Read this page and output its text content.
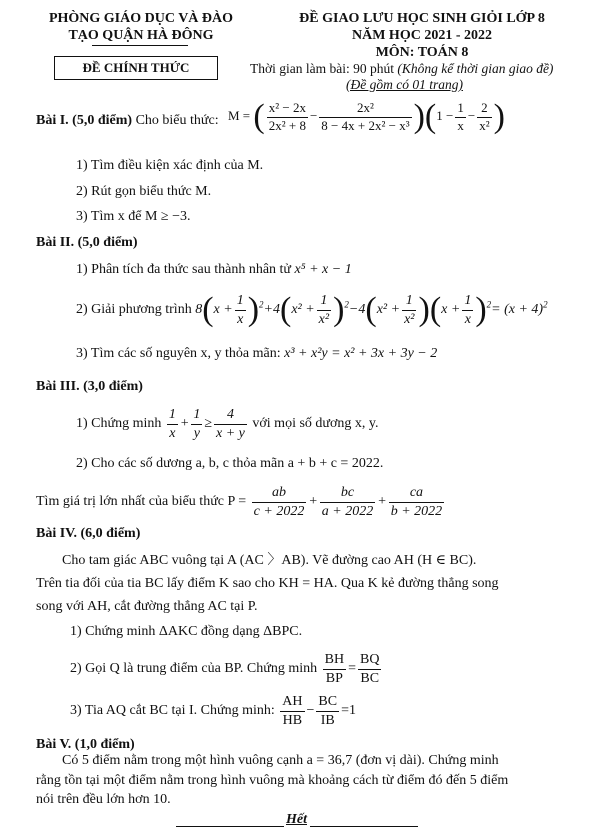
PHÒNG GIÁO DỤC VÀ ĐÀO
TẠO QUẬN HÀ ĐÔNG
ĐỀ CHÍNH THỨC
ĐỀ GIAO LƯU HỌC SINH GIỎI LỚP 8
NĂM HỌC 2021 - 2022
MÔN: TOÁN 8
Thời gian làm bài: 90 phút (Không kể thời gian giao đề)
(Đề gồm có 01 trang)
Bài I. (5,0 điểm) Cho biểu thức: M = ( $\frac{\text{x² − 2x}}{\text{2x² + 8}} - \frac{\text{2x²}}{\text{8 − 4x + 2x² − x³}} )(1 - \frac{1}{x} - \frac{2}{\text{x²}}$ )
1) Tìm điều kiện xác định của M.
2) Rút gọn biểu thức M.
3) Tìm x để M ≥ −3.
Bài II. (5,0 điểm)
1) Phân tích đa thức sau thành nhân tử x⁵ + x − 1
2) Giải phương trình $8(x + \frac{1}{x} )^2+4(x^2 + \frac{1}{\text{x²}} )^2-4(x^2 + \frac{1}{\text{x²}} )(x + \frac{1}{x} )^2= (x + 4)^2$
3) Tìm các số nguyên x, y thỏa mãn: x³ + x²y = x² + 3x + 3y − 2
Bài III. (3,0 điểm)
1) Chứng minh $\frac{1}{x} + \frac{1}{y} \ge \frac{4}{x + y}$ với mọi số dương x, y.
2) Cho các số dương a, b, c thỏa mãn a + b + c = 2022.
Tìm giá trị lớn nhất của biểu thức $P = \frac{ab}{c + 2022} + \frac{bc}{a + 2022} + \frac{ca}{b + 2022}$
Bài IV. (6,0 điểm)
Cho tam giác ABC vuông tại A (AC 〉AB). Vẽ đường cao AH (H ∈ BC).
Trên tia đối của tia BC lấy điểm K sao cho KH = HA. Qua K kẻ đường thẳng song
song với AH, cắt đường thẳng AC tại P.
1) Chứng minh ΔAKC đồng dạng ΔBPC.
2) Gọi Q là trung điểm của BP. Chứng minh $\frac{BH}{BP} = \frac{BQ}{BC}$
3) Tia AQ cắt BC tại I. Chứng minh: $\frac{AH}{HB} - \frac{BC}{IB} =1$
Bài V. (1,0 điểm)
Có 5 điểm nằm trong một hình vuông cạnh a = 36,7 (đơn vị dài). Chứng minh
rằng tồn tại một điểm nằm trong hình vuông mà khoảng cách từ điểm đó đến 5 điểm
nói trên đều lớn hơn 10.
Hết
